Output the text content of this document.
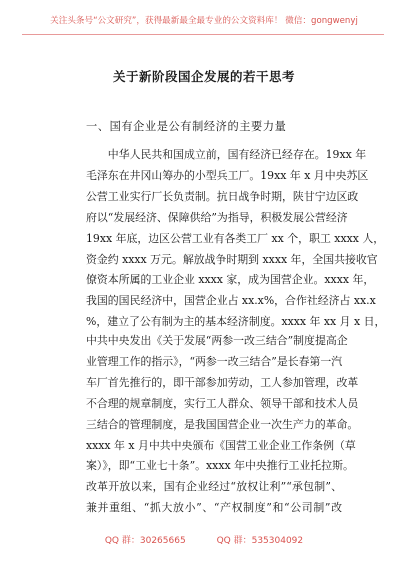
关注头条号“公文研究”，获得最新最全最专业的公文资料库！ 微信：gongwenyj
关于新阶段国企发展的若干思考
一、国有企业是公有制经济的主要力量
中华人民共和国成立前，国有经济已经存在。19xx 年
毛泽东在井冈山筹办的小型兵工厂。19xx 年 x 月中央苏区
公营工业实行厂长负责制。抗日战争时期，陕甘宁边区政
府以“发展经济、保障供给”为指导，积极发展公营经济
19xx 年底，边区公营工业有各类工厂 xx 个，职工 xxxx 人，
资金约 xxxx 万元。解放战争时期到 xxxx 年，全国共接收官
僚资本所属的工业企业 xxxx 家，成为国营企业。xxxx 年，
我国的国民经济中，国营企业占 xx.x%，合作社经济占 xx.x
%，建立了公有制为主的基本经济制度。xxxx 年 xx 月 x 日，
中共中央发出《关于发展“两参一改三结合”制度提高企
业管理工作的指示》，“两参一改三结合”是长春第一汽
车厂首先推行的，即干部参加劳动，工人参加管理，改革
不合理的规章制度，实行工人群众、领导干部和技术人员
三结合的管理制度，是我国国营企业一次生产力的革命。
xxxx 年 x 月中共中央颁布《国营工业企业工作条例（草
案）》，即“工业七十条”。xxxx 年中央推行工业托拉斯。
改革开放以来，国有企业经过“放权让利”“承包制”、
兼并重组、“抓大放小”、“产权制度”和“公司制”改
QQ 群：30265665	QQ 群：535304092
